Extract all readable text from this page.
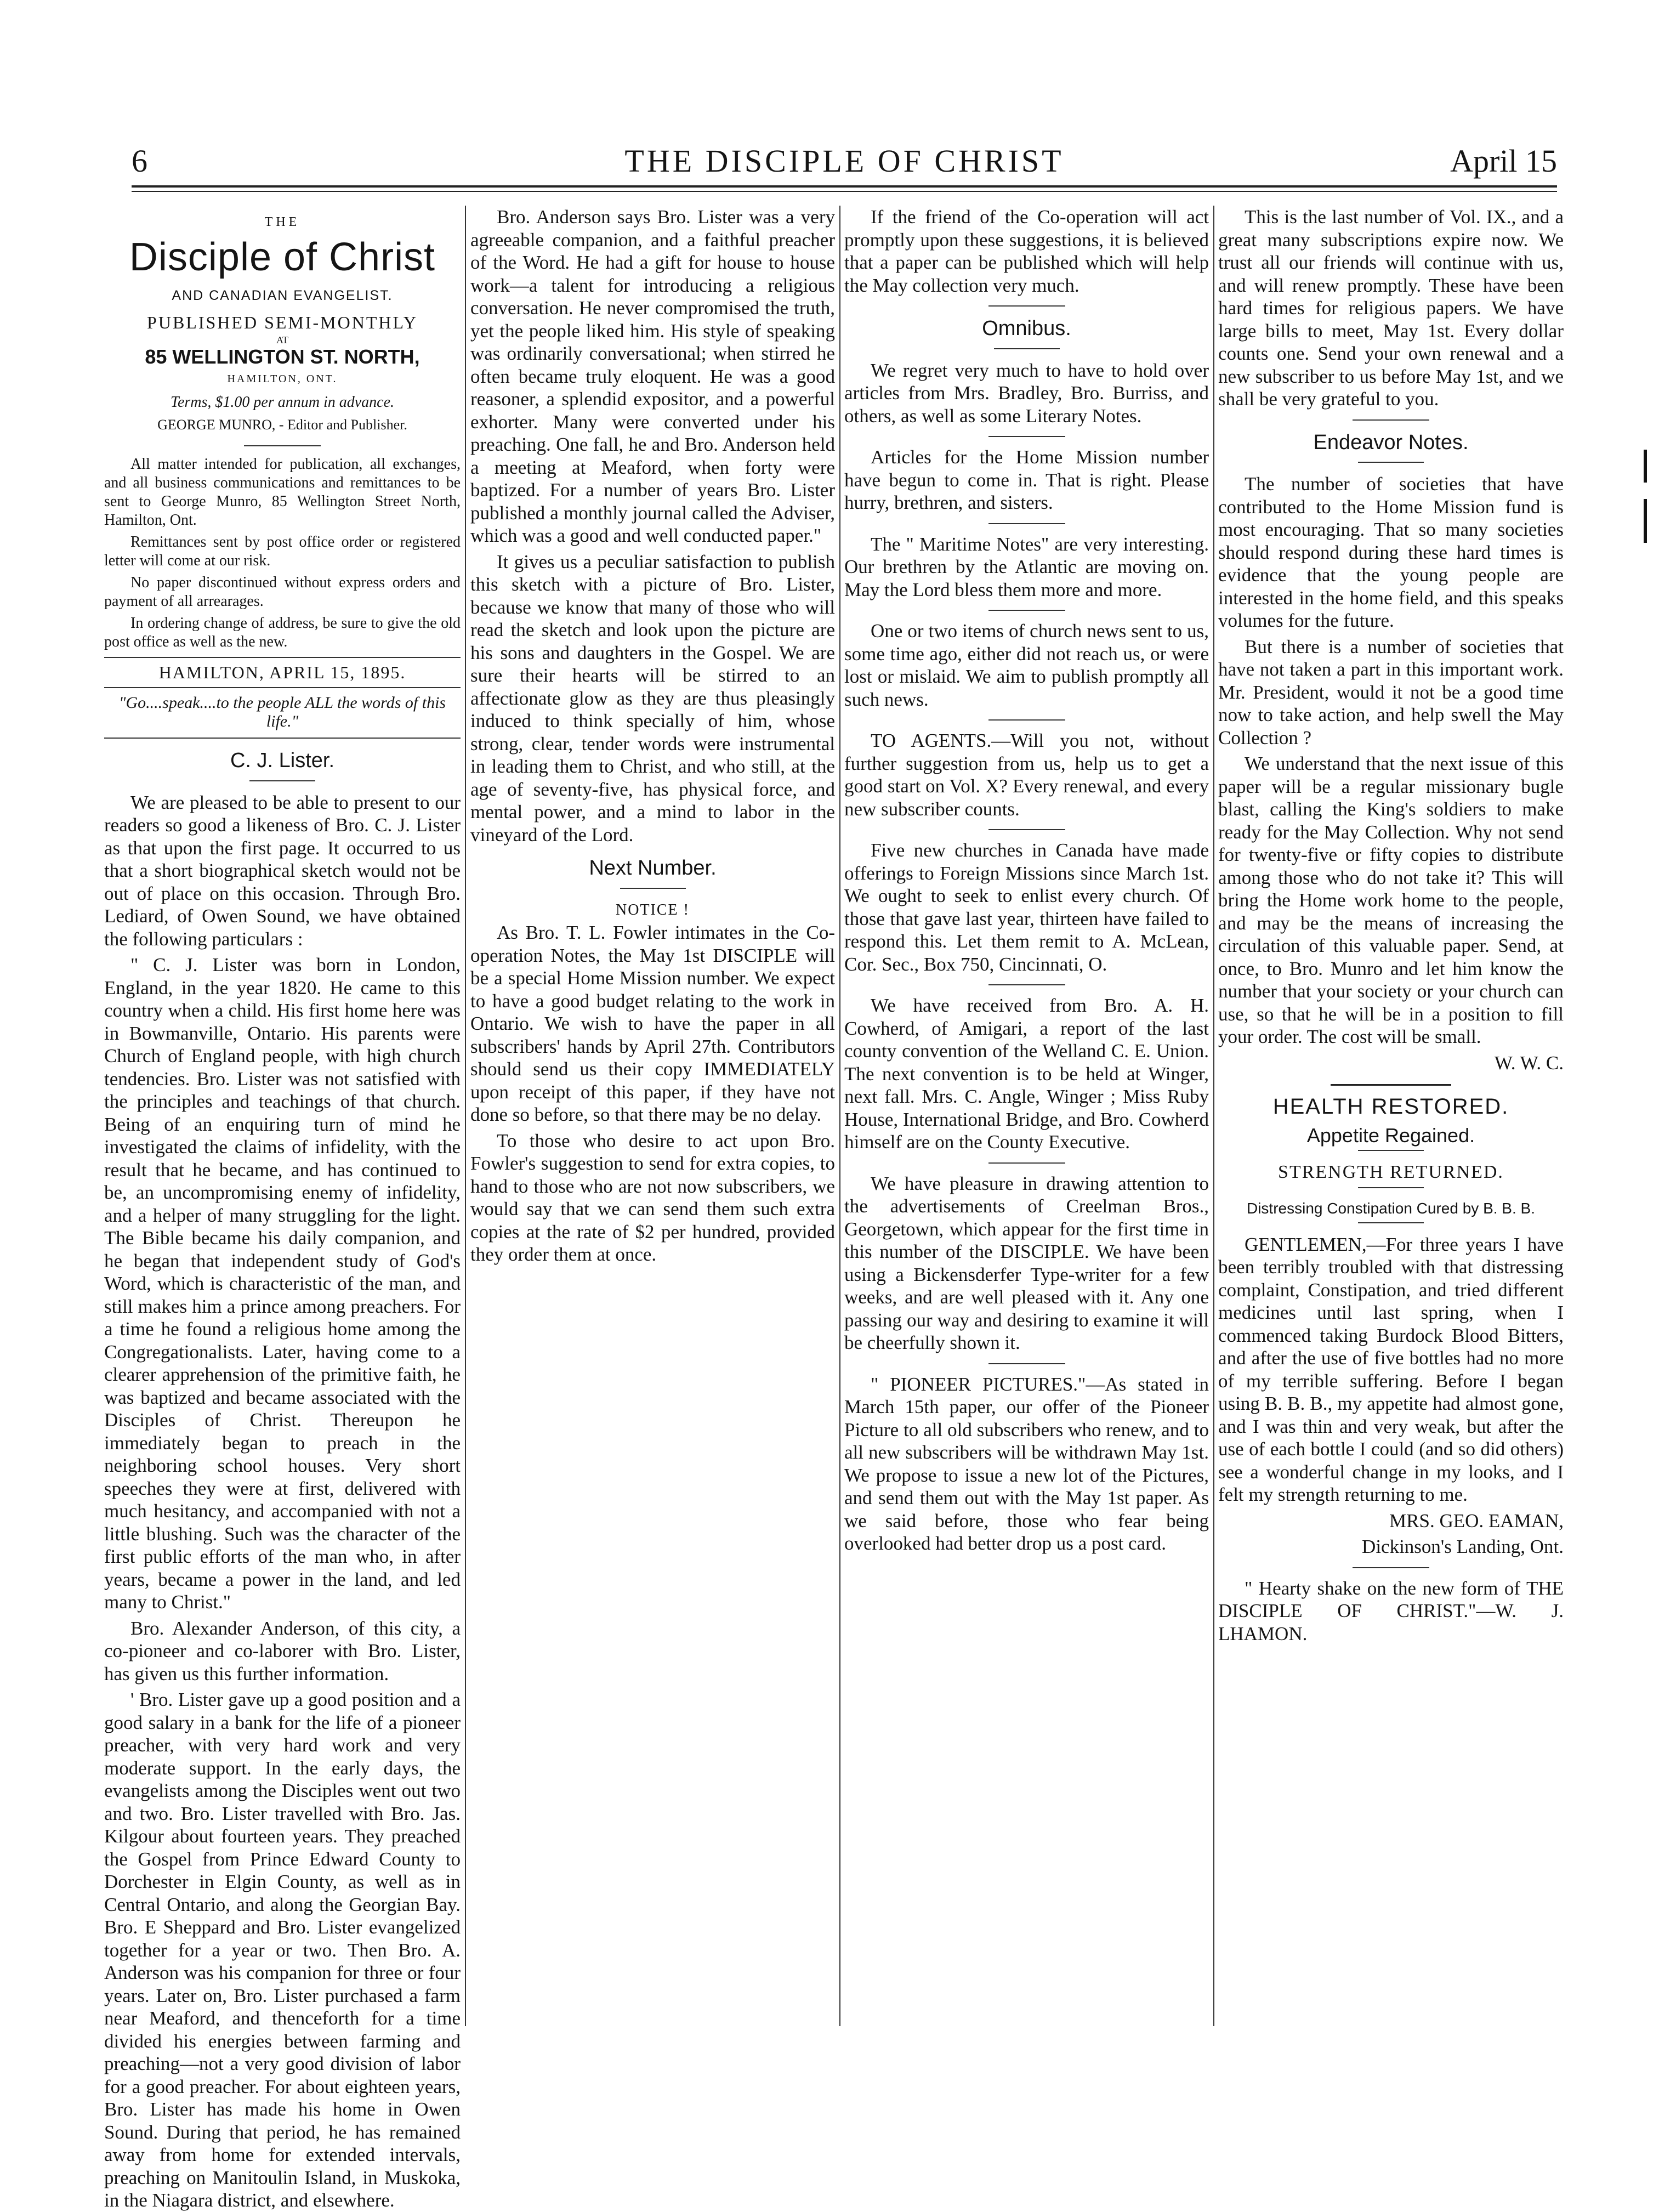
6	THE DISCIPLE OF CHRIST	April 15
THE
Disciple of Christ
AND CANADIAN EVANGELIST.
PUBLISHED SEMI-MONTHLY
AT
85 WELLINGTON ST. NORTH,
HAMILTON, ONT.
Terms, $1.00 per annum in advance.
GEORGE MUNRO, - Editor and Publisher.

All matter intended for publication, all exchanges, and all business communications and remittances to be sent to George Munro, 85 Wellington Street North, Hamilton, Ont.

Remittances sent by post office order or registered letter will come at our risk.

No paper discontinued without express orders and payment of all arrearages.

In ordering change of address, be sure to give the old post office as well as the new.

HAMILTON, APRIL 15, 1895.
"Go....speak....to the people ALL the words of this life."
C. J. Lister.

We are pleased to be able to present to our readers so good a likeness of Bro. C. J. Lister as that upon the first page. It occurred to us that a short biographical sketch would not be out of place on this occasion. Through Bro. Lediard, of Owen Sound, we have obtained the following particulars :

" C. J. Lister was born in London, England, in the year 1820. He came to this country when a child. His first home here was in Bowmanville, Ontario. His parents were Church of England people, with high church tendencies. Bro. Lister was not satisfied with the principles and teachings of that church. Being of an enquiring turn of mind he investigated the claims of infidelity, with the result that he became, and has continued to be, an uncompromising enemy of infidelity, and a helper of many struggling for the light. The Bible became his daily companion, and he began that independent study of God's Word, which is characteristic of the man, and still makes him a prince among preachers. For a time he found a religious home among the Congregationalists. Later, having come to a clearer apprehension of the primitive faith, he was baptized and became associated with the Disciples of Christ. Thereupon he immediately began to preach in the neighboring school houses. Very short speeches they were at first, delivered with much hesitancy, and accompanied with not a little blushing. Such was the character of the first public efforts of the man who, in after years, became a power in the land, and led many to Christ."

Bro. Alexander Anderson, of this city, a co-pioneer and co-laborer with Bro. Lister, has given us this further information.

' Bro. Lister gave up a good position and a good salary in a bank for the life of a pioneer preacher, with very hard work and very moderate support. In the early days, the evangelists among the Disciples went out two and two. Bro. Lister travelled with Bro. Jas. Kilgour about fourteen years. They preached the Gospel from Prince Edward County to Dorchester in Elgin County, as well as in Central Ontario, and along the Georgian Bay. Bro. E Sheppard and Bro. Lister evangelized together for a year or two. Then Bro. A. Anderson was his companion for three or four years. Later on, Bro. Lister purchased a farm near Meaford, and thenceforth for a time divided his energies between farming and preaching—not a very good division of labor for a good preacher. For about eighteen years, Bro. Lister has made his home in Owen Sound. During that period, he has remained away from home for extended intervals, preaching on Manitoulin Island, in Muskoka, in the Niagara district, and elsewhere.

Bro. Anderson says Bro. Lister was a very agreeable companion, and a faithful preacher of the Word. He had a gift for house to house work—a talent for introducing a religious conversation. He never compromised the truth, yet the people liked him. His style of speaking was ordinarily conversational; when stirred he often became truly eloquent. He was a good reasoner, a splendid expositor, and a powerful exhorter. Many were converted under his preaching. One fall, he and Bro. Anderson held a meeting at Meaford, when forty were baptized. For a number of years Bro. Lister published a monthly journal called the Adviser, which was a good and well conducted paper."

It gives us a peculiar satisfaction to publish this sketch with a picture of Bro. Lister, because we know that many of those who will read the sketch and look upon the picture are his sons and daughters in the Gospel. We are sure their hearts will be stirred to an affectionate glow as they are thus pleasingly induced to think specially of him, whose strong, clear, tender words were instrumental in leading them to Christ, and who still, at the age of seventy-five, has physical force, and mental power, and a mind to labor in the vineyard of the Lord.

Next Number.
NOTICE !

As Bro. T. L. Fowler intimates in the Co-operation Notes, the May 1st DISCIPLE will be a special Home Mission number. We expect to have a good budget relating to the work in Ontario. We wish to have the paper in all subscribers' hands by April 27th. Contributors should send us their copy IMMEDIATELY upon receipt of this paper, if they have not done so before, so that there may be no delay.

To those who desire to act upon Bro. Fowler's suggestion to send for extra copies, to hand to those who are not now subscribers, we would say that we can send them such extra copies at the rate of $2 per hundred, provided they order them at once.

If the friend of the Co-operation will act promptly upon these suggestions, it is believed that a paper can be published which will help the May collection very much.

Omnibus.

We regret very much to have to hold over articles from Mrs. Bradley, Bro. Burriss, and others, as well as some Literary Notes.

Articles for the Home Mission number have begun to come in. That is right. Please hurry, brethren, and sisters.

The " Maritime Notes" are very interesting. Our brethren by the Atlantic are moving on. May the Lord bless them more and more.

One or two items of church news sent to us, some time ago, either did not reach us, or were lost or mislaid. We aim to publish promptly all such news.

TO AGENTS.—Will you not, without further suggestion from us, help us to get a good start on Vol. X? Every renewal, and every new subscriber counts.

Five new churches in Canada have made offerings to Foreign Missions since March 1st. We ought to seek to enlist every church. Of those that gave last year, thirteen have failed to respond this. Let them remit to A. McLean, Cor. Sec., Box 750, Cincinnati, O.

We have received from Bro. A. H. Cowherd, of Amigari, a report of the last county convention of the Welland C. E. Union. The next convention is to be held at Winger, next fall. Mrs. C. Angle, Winger ; Miss Ruby House, International Bridge, and Bro. Cowherd himself are on the County Executive.

We have pleasure in drawing attention to the advertisements of Creelman Bros., Georgetown, which appear for the first time in this number of the DISCIPLE. We have been using a Bickensderfer Type-writer for a few weeks, and are well pleased with it. Any one passing our way and desiring to examine it will be cheerfully shown it.

" PIONEER PICTURES."—As stated in March 15th paper, our offer of the Pioneer Picture to all old subscribers who renew, and to all new subscribers will be withdrawn May 1st. We propose to issue a new lot of the Pictures, and send them out with the May 1st paper. As we said before, those who fear being overlooked had better drop us a post card.

This is the last number of Vol. IX., and a great many subscriptions expire now. We trust all our friends will continue with us, and will renew promptly. These have been hard times for religious papers. We have large bills to meet, May 1st. Every dollar counts one. Send your own renewal and a new subscriber to us before May 1st, and we shall be very grateful to you.

Endeavor Notes.

The number of societies that have contributed to the Home Mission fund is most encouraging. That so many societies should respond during these hard times is evidence that the young people are interested in the home field, and this speaks volumes for the future.

But there is a number of societies that have not taken a part in this important work. Mr. President, would it not be a good time now to take action, and help swell the May Collection ?

We understand that the next issue of this paper will be a regular missionary bugle blast, calling the King's soldiers to make ready for the May Collection. Why not send for twenty-five or fifty copies to distribute among those who do not take it? This will bring the Home work home to the people, and may be the means of increasing the circulation of this valuable paper. Send, at once, to Bro. Munro and let him know the number that your society or your church can use, so that he will be in a position to fill your order. The cost will be small.

W. W. C.

HEALTH RESTORED.
Appetite Regained.
STRENGTH RETURNED.
Distressing Constipation Cured by B. B. B.

GENTLEMEN,—For three years I have been terribly troubled with that distressing complaint, Constipation, and tried different medicines until last spring, when I commenced taking Burdock Blood Bitters, and after the use of five bottles had no more of my terrible suffering. Before I began using B. B. B., my appetite had almost gone, and I was thin and very weak, but after the use of each bottle I could (and so did others) see a wonderful change in my looks, and I felt my strength returning to me.

MRS. GEO. EAMAN,

Dickinson's Landing, Ont.

" Hearty shake on the new form of THE DISCIPLE OF CHRIST."—W. J. LHAMON.
